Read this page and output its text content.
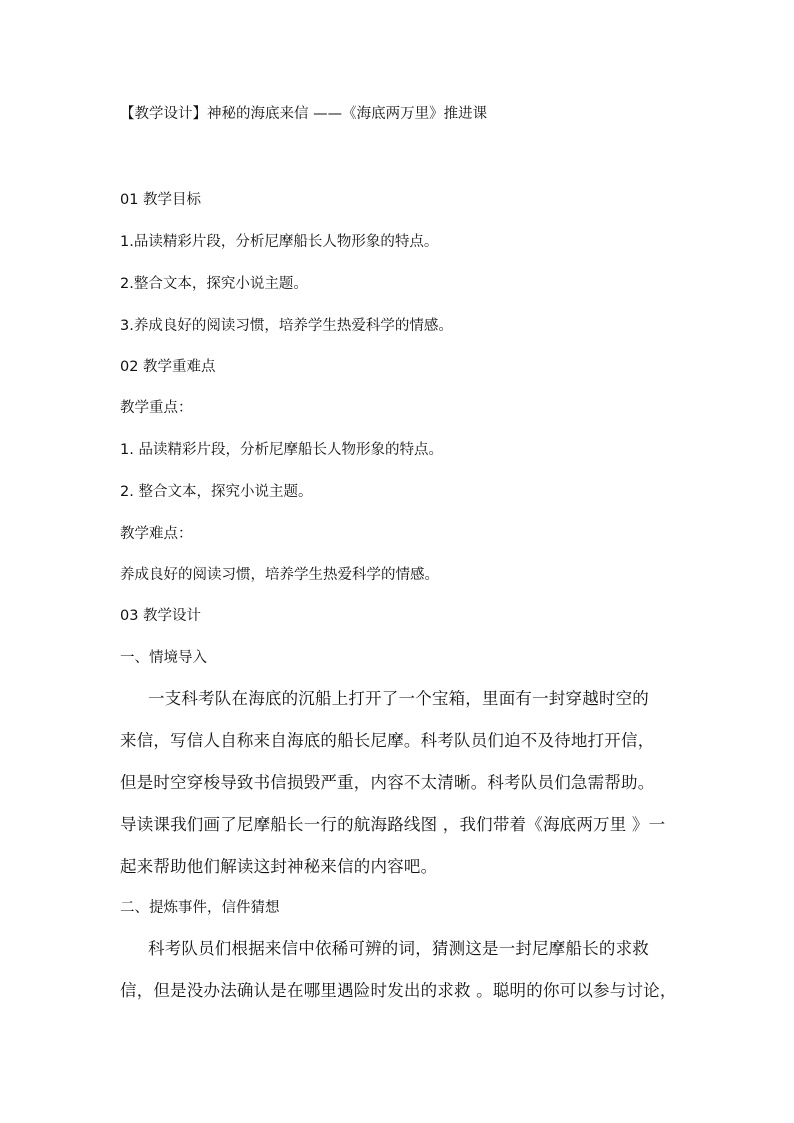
【教学设计】神秘的海底来信 ——《海底两万里》推进课
01 教学目标
1.品读精彩片段，分析尼摩船长人物形象的特点。
2.整合文本，探究小说主题。
3.养成良好的阅读习惯，培养学生热爱科学的情感。
02 教学重难点
教学重点：
1. 品读精彩片段，分析尼摩船长人物形象的特点。
2. 整合文本，探究小说主题。
教学难点：
养成良好的阅读习惯，培养学生热爱科学的情感。
03 教学设计
一、情境导入
一支科考队在海底的沉船上打开了一个宝箱，里面有一封穿越时空的
来信，写信人自称来自海底的船长尼摩。科考队员们迫不及待地打开信，
但是时空穿梭导致书信损毁严重，内容不太清晰。科考队员们急需帮助。
导读课我们画了尼摩船长一行的航海路线图 ，我们带着《海底两万里 》一
起来帮助他们解读这封神秘来信的内容吧。
二、提炼事件，信件猜想
科考队员们根据来信中依稀可辨的词，猜测这是一封尼摩船长的求救
信，但是没办法确认是在哪里遇险时发出的求救 。聪明的你可以参与讨论，
